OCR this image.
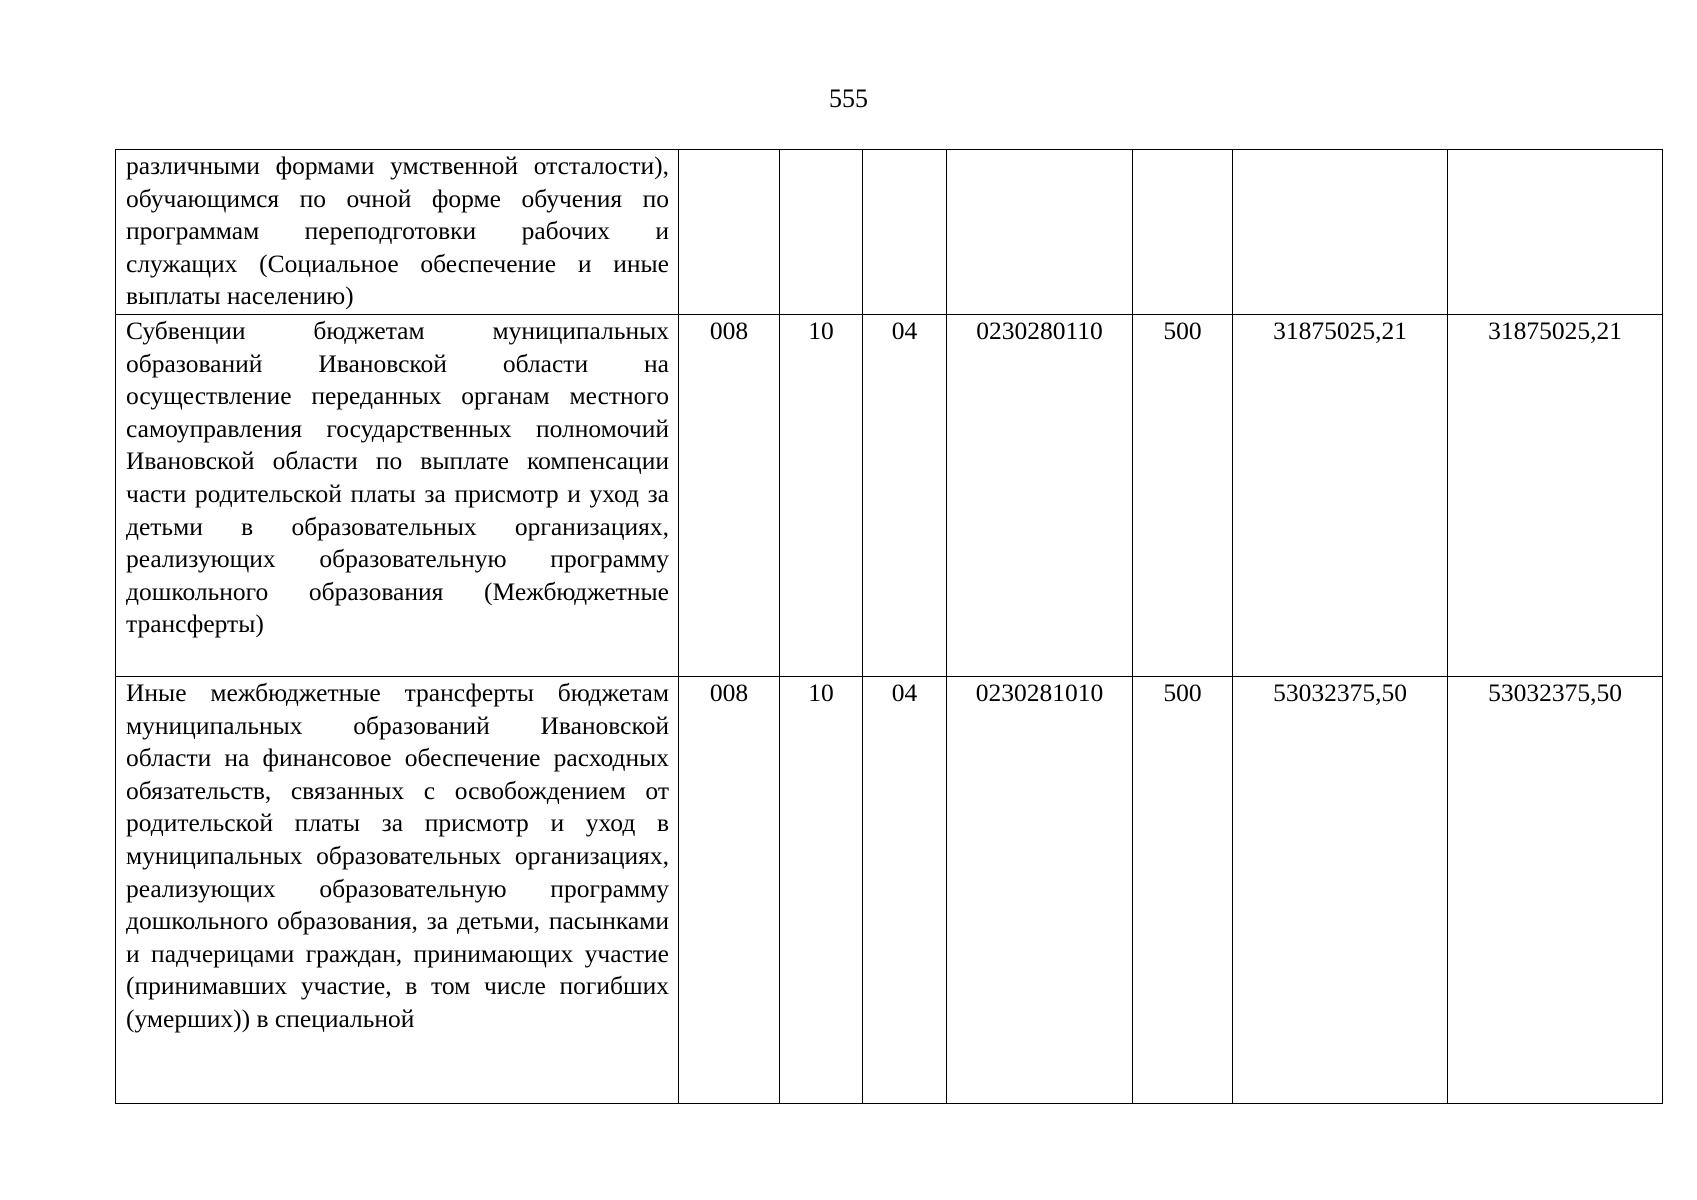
555
различными формами умственной отсталости), обучающимся по очной форме обучения по программам переподготовки рабочих и служащих (Социальное обеспечение и иные выплаты населению)							

Субвенции бюджетам муниципальных образований Ивановской области на осуществление переданных органам местного самоуправления государственных полномочий Ивановской области по выплате компенсации части родительской платы за присмотр и уход за детьми в образовательных организациях, реализующих образовательную программу дошкольного образования (Межбюджетные трансферты)	008	10	04	0230280110	500	31875025,21	31875025,21

Иные межбюджетные трансферты бюджетам муниципальных образований Ивановской области на финансовое обеспечение расходных обязательств, связанных с освобождением от родительской платы за присмотр и уход в муниципальных образовательных организациях, реализующих образовательную программу дошкольного образования, за детьми, пасынками и падчерицами граждан, принимающих участие (принимавших участие, в том числе погибших (умерших)) в специальной	008	10	04	0230281010	500	53032375,50	53032375,50
